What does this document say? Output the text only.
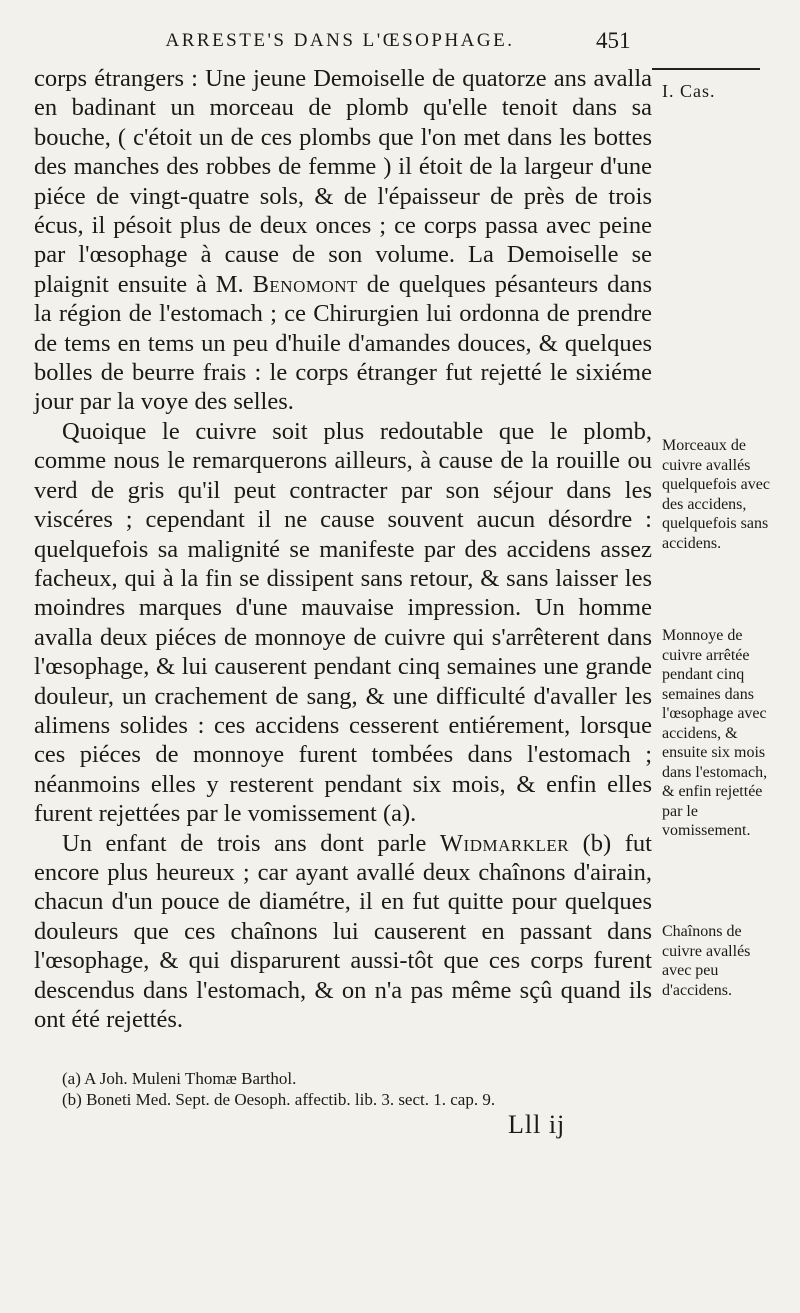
ARRESTE'S DANS L'ŒSOPHAGE.	451

corps étrangers : Une jeune Demoiselle de quatorze ans avalla en badinant un morceau de plomb qu'elle tenoit dans sa bouche, ( c'étoit un de ces plombs que l'on met dans les bottes des manches des robbes de femme ) il étoit de la largeur d'une piéce de vingt-quatre sols, & de l'épaisseur de près de trois écus, il pésoit plus de deux onces ; ce corps passa avec peine par l'œsophage à cause de son volume. La Demoiselle se plaignit ensuite à M. Benomont de quelques pésanteurs dans la région de l'estomach ; ce Chirurgien lui ordonna de prendre de tems en tems un peu d'huile d'amandes douces, & quelques bolles de beurre frais : le corps étranger fut rejetté le sixiéme jour par la voye des selles.

Quoique le cuivre soit plus redoutable que le plomb, comme nous le remarquerons ailleurs, à cause de la rouille ou verd de gris qu'il peut contracter par son séjour dans les viscéres ; cependant il ne cause souvent aucun désordre : quelquefois sa malignité se manifeste par des accidens assez facheux, qui à la fin se dissipent sans retour, & sans laisser les moindres marques d'une mauvaise impression. Un homme avalla deux piéces de monnoye de cuivre qui s'arrêterent dans l'œsophage, & lui causerent pendant cinq semaines une grande douleur, un crachement de sang, & une difficulté d'avaller les alimens solides : ces accidens cesserent entiérement, lorsque ces piéces de monnoye furent tombées dans l'estomach ; néanmoins elles y resterent pendant six mois, & enfin elles furent rejettées par le vomissement (a).

Un enfant de trois ans dont parle Widmarkler (b) fut encore plus heureux ; car ayant avallé deux chaînons d'airain, chacun d'un pouce de diamétre, il en fut quitte pour quelques douleurs que ces chaînons lui causerent en passant dans l'œsophage, & qui disparurent aussi-tôt que ces corps furent descendus dans l'estomach, & on n'a pas même sçû quand ils ont été rejettés.

I. Cas.
Morceaux de cuivre avallés quelquefois avec des accidens, quelquefois sans accidens.
Monnoye de cuivre arrêtée pendant cinq semaines dans l'œsophage avec accidens, & ensuite six mois dans l'estomach, & enfin rejettée par le vomissement.
Chaînons de cuivre avallés avec peu d'accidens.
(a) A Joh. Muleni Thomæ Barthol.
(b) Boneti Med. Sept. de Oesoph. affectib. lib. 3. sect. 1. cap. 9.
Lll ij
